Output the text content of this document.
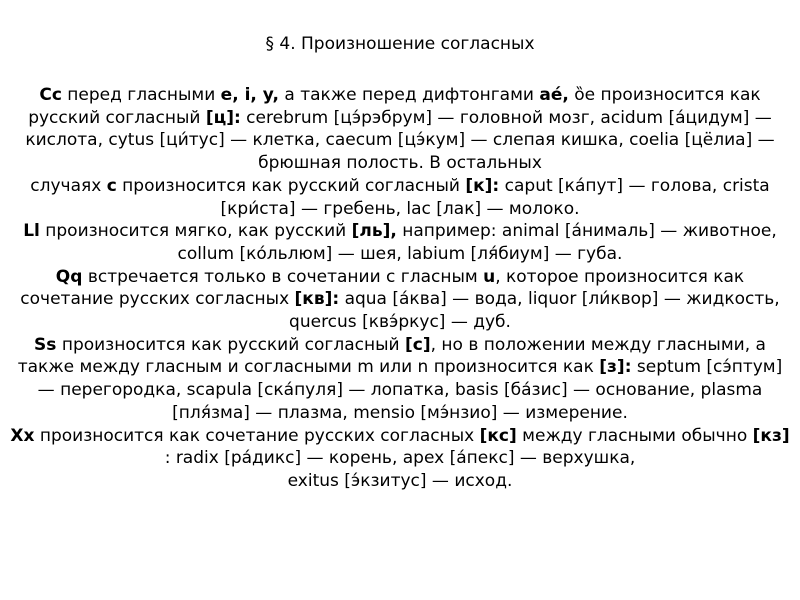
§ 4. Произношение согласных
Cc перед гласными e, i, y, а также перед дифтонгами aé, ȍe произносится как русский согласный [ц]: cerebrum [цэ́рэбрум] — головной мозг, acidum [а́цидум] — кислота, cytus [ци́тус] — клетка, caecum [цэ́кум] — слепая кишка, coelia [цёлиа] — брюшная полость. В остальных
случаях c произносится как русский согласный [к]: caput [ка́пут] — голова, crista [кри́ста] — гребень, lac [лак] — молоко.
Ll произносится мягко, как русский [ль], например: animal [а́нималь] — животное, collum [ко́льлюм] — шея, labium [ля́биум] — губа.
Qq встречается только в сочетании с гласным u, которое произносится как сочетание русских согласных [кв]: aqua [а́ква] — вода, liquor [ли́квор] — жидкость, quercus [квэ́ркус] — дуб.
Ss произносится как русский согласный [с], но в положении между гласными, а также между гласным и согласными m или n произносится как [з]: septum [сэ́птум] — перегородка, scapula [ска́пуля] — лопатка, basis [ба́зис] — основание, plasma [пля́зма] — плазма, mensio [мэ́нзио] — измерение.
Xx произносится как сочетание русских согласных [кс] между гласными обычно [кз] : radix [ра́дикс] — корень, apex [а́пекс] — верхушка,
exitus [э́кзитус] — исход.
